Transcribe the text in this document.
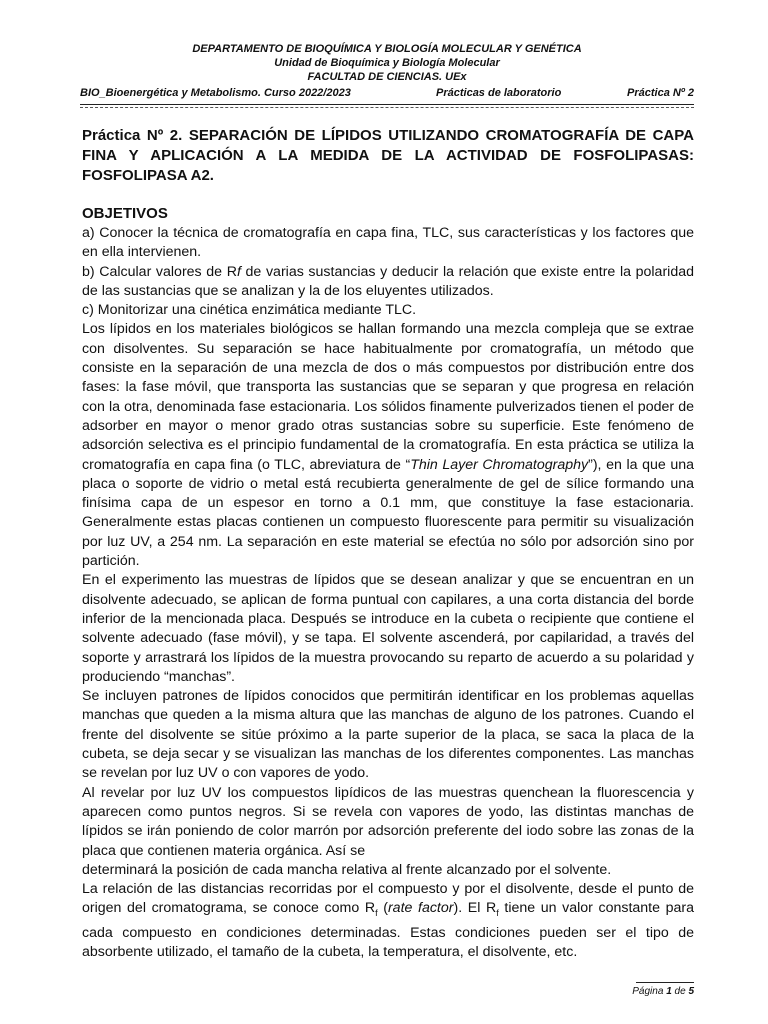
DEPARTAMENTO DE BIOQUÍMICA Y BIOLOGÍA MOLECULAR Y GENÉTICA
Unidad de Bioquímica y Biología Molecular
FACULTAD DE CIENCIAS. UEx
BIO_Bioenergética y Metabolismo. Curso 2022/2023	Prácticas de laboratorio	Práctica Nº 2
Práctica Nº 2. SEPARACIÓN DE LÍPIDOS UTILIZANDO CROMATOGRAFÍA DE CAPA FINA Y APLICACIÓN A LA MEDIDA DE LA ACTIVIDAD DE FOSFOLIPASAS: FOSFOLIPASA A2.
OBJETIVOS

a) Conocer la técnica de cromatografía en capa fina, TLC, sus características y los factores que en ella intervienen.

b) Calcular valores de Rf de varias sustancias y deducir la relación que existe entre la polaridad de las sustancias que se analizan y la de los eluyentes utilizados.

c) Monitorizar una cinética enzimática mediante TLC.

Los lípidos en los materiales biológicos se hallan formando una mezcla compleja que se extrae con disolventes. Su separación se hace habitualmente por cromatografía, un método que consiste en la separación de una mezcla de dos o más compuestos por distribución entre dos fases: la fase móvil, que transporta las sustancias que se separan y que progresa en relación con la otra, denominada fase estacionaria. Los sólidos finamente pulverizados tienen el poder de adsorber en mayor o menor grado otras sustancias sobre su superficie. Este fenómeno de adsorción selectiva es el principio fundamental de la cromatografía. En esta práctica se utiliza la cromatografía en capa fina (o TLC, abreviatura de “Thin Layer Chromatography”), en la que una placa o soporte de vidrio o metal está recubierta generalmente de gel de sílice formando una finísima capa de un espesor en torno a 0.1 mm, que constituye la fase estacionaria. Generalmente estas placas contienen un compuesto fluorescente para permitir su visualización por luz UV, a 254 nm. La separación en este material se efectúa no sólo por adsorción sino por partición.

En el experimento las muestras de lípidos que se desean analizar y que se encuentran en un disolvente adecuado, se aplican de forma puntual con capilares, a una corta distancia del borde inferior de la mencionada placa. Después se introduce en la cubeta o recipiente que contiene el solvente adecuado (fase móvil), y se tapa. El solvente ascenderá, por capilaridad, a través del soporte y arrastrará los lípidos de la muestra provocando su reparto de acuerdo a su polaridad y produciendo “manchas”.

Se incluyen patrones de lípidos conocidos que permitirán identificar en los problemas aquellas manchas que queden a la misma altura que las manchas de alguno de los patrones. Cuando el frente del disolvente se sitúe próximo a la parte superior de la placa, se saca la placa de la cubeta, se deja secar y se visualizan las manchas de los diferentes componentes. Las manchas se revelan por luz UV o con vapores de yodo.

Al revelar por luz UV los compuestos lipídicos de las muestras quenchean la fluorescencia y aparecen como puntos negros. Si se revela con vapores de yodo, las distintas manchas de lípidos se irán poniendo de color marrón por adsorción preferente del iodo sobre las zonas de la placa que contienen materia orgánica. Así se

determinará la posición de cada mancha relativa al frente alcanzado por el solvente.

La relación de las distancias recorridas por el compuesto y por el disolvente, desde el punto de origen del cromatograma, se conoce como $R_f$ (rate factor). El $R_f$ tiene un valor constante para cada compuesto en condiciones determinadas. Estas condiciones pueden ser el tipo de absorbente utilizado, el tamaño de la cubeta, la temperatura, el disolvente, etc.

Página 1 de 5
